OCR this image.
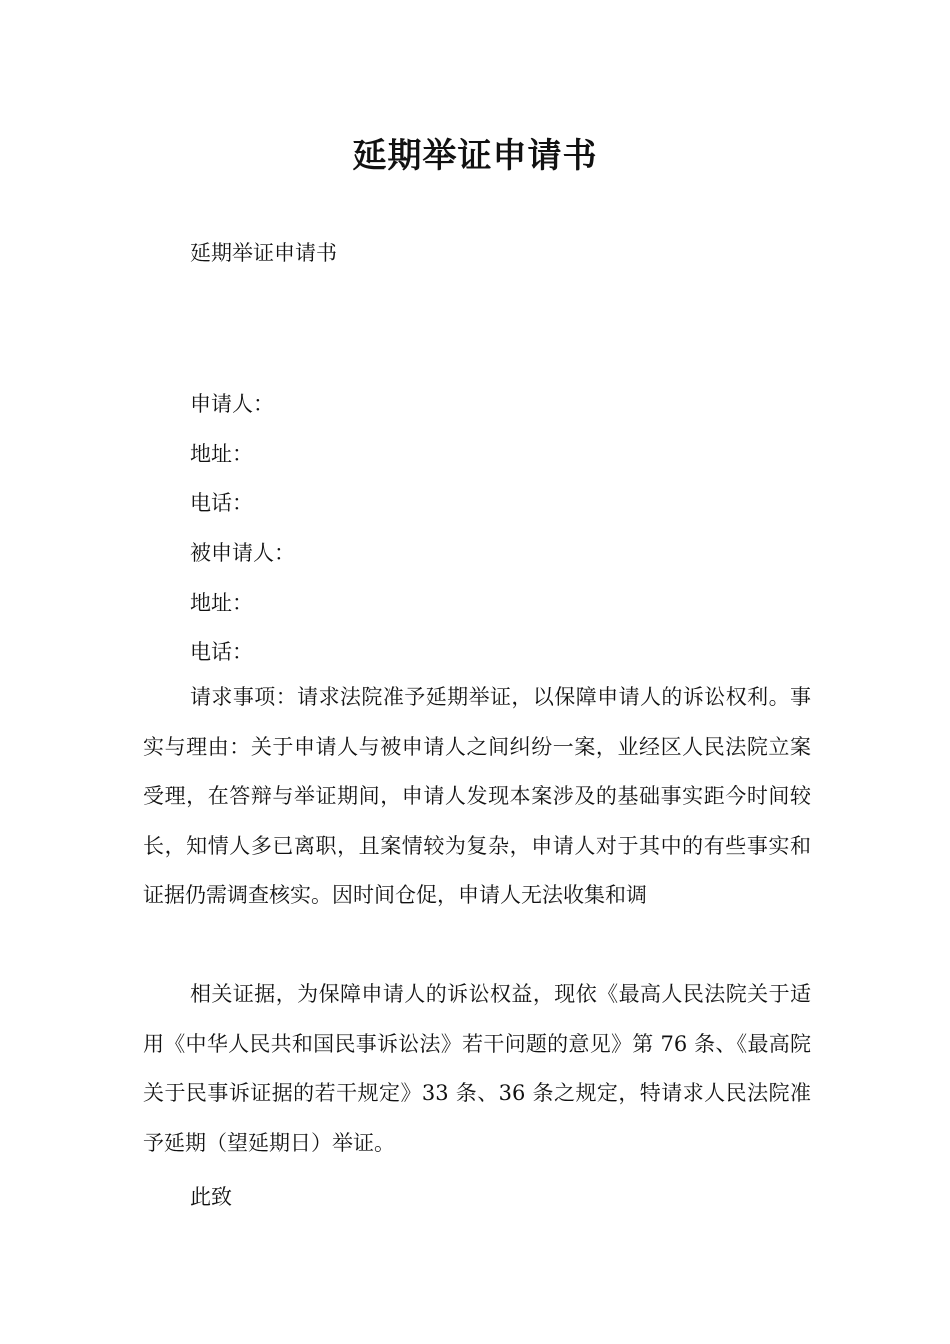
延期举证申请书
延期举证申请书
申请人：
地址：
电话：
被申请人：
地址：
电话：

请求事项：请求法院准予延期举证，以保障申请人的诉讼权利。事实与理由：关于申请人与被申请人之间纠纷一案，业经区人民法院立案受理，在答辩与举证期间，申请人发现本案涉及的基础事实距今时间较长，知情人多已离职，且案情较为复杂，申请人对于其中的有些事实和证据仍需调查核实。因时间仓促，申请人无法收集和调

相关证据，为保障申请人的诉讼权益，现依《最高人民法院关于适用《中华人民共和国民事诉讼法》若干问题的意见》第 76 条、《最高院关于民事诉证据的若干规定》33 条、36 条之规定，特请求人民法院准予延期（望延期日）举证。

此致
